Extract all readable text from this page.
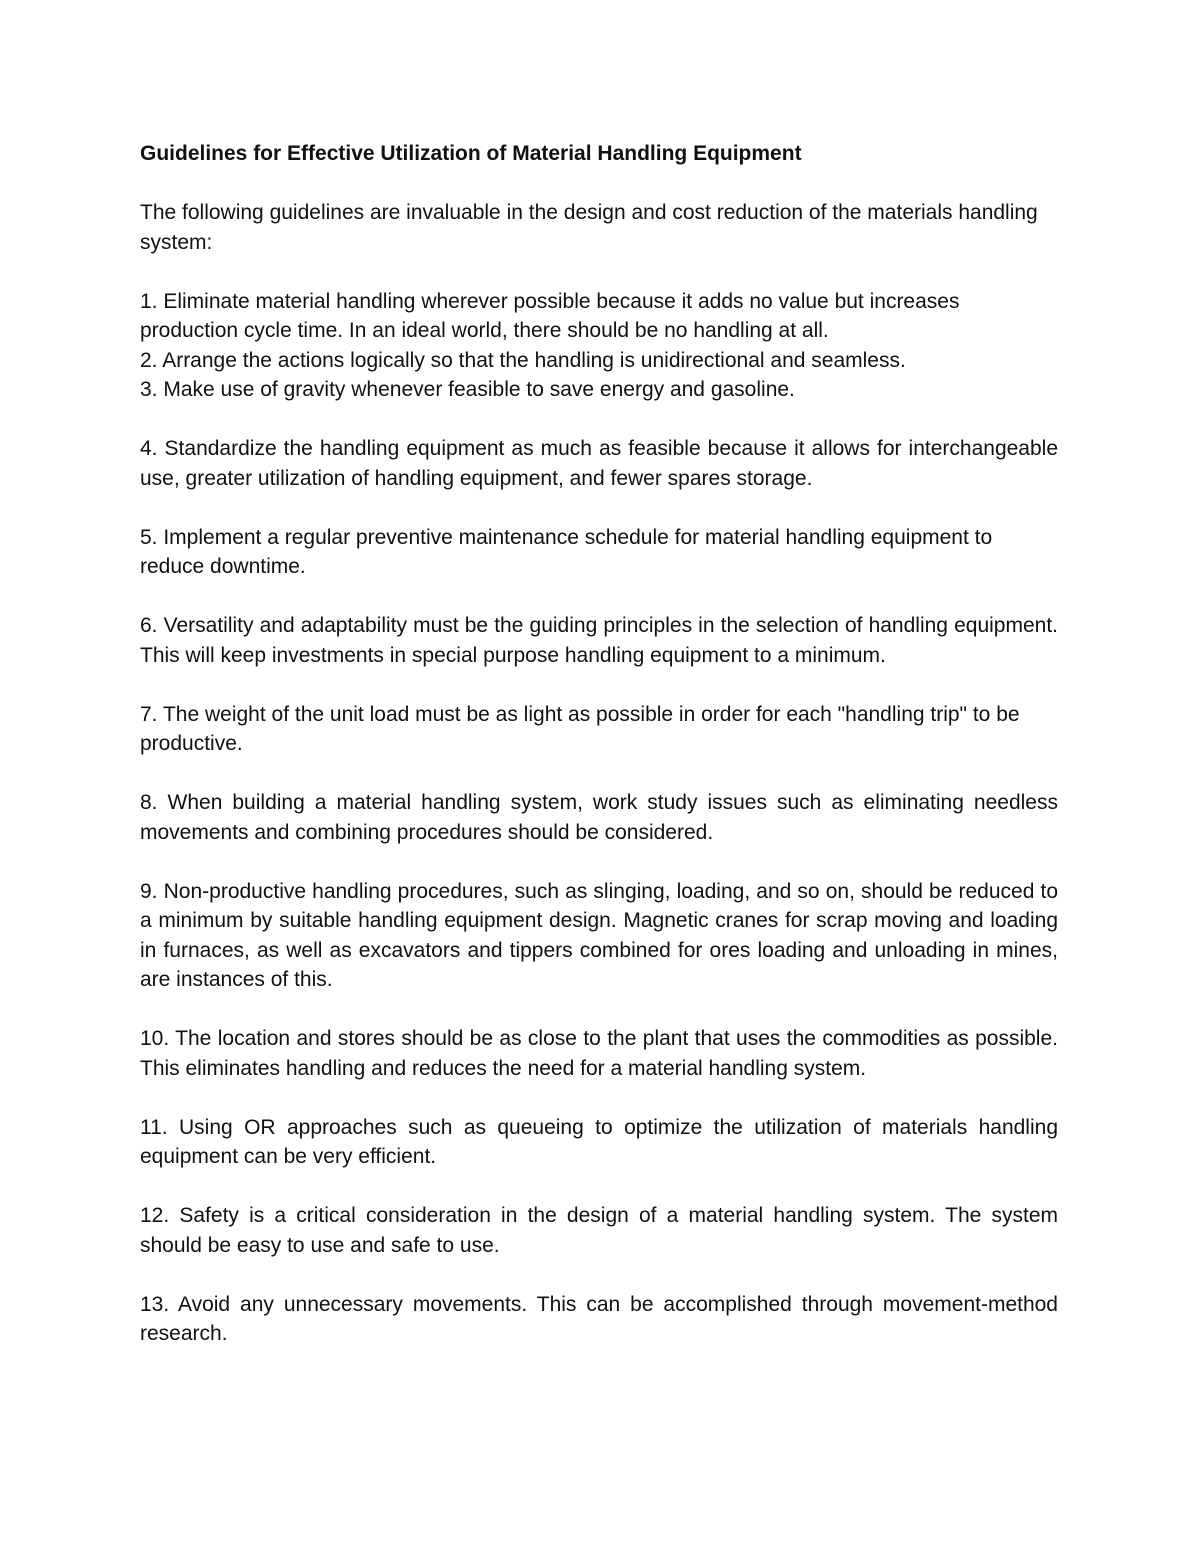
Guidelines for Effective Utilization of Material Handling Equipment
The following guidelines are invaluable in the design and cost reduction of the materials handling system:
1. Eliminate material handling wherever possible because it adds no value but increases production cycle time. In an ideal world, there should be no handling at all.
2. Arrange the actions logically so that the handling is unidirectional and seamless.
3. Make use of gravity whenever feasible to save energy and gasoline.
4. Standardize the handling equipment as much as feasible because it allows for interchangeable use, greater utilization of handling equipment, and fewer spares storage.
5. Implement a regular preventive maintenance schedule for material handling equipment to reduce downtime.
6. Versatility and adaptability must be the guiding principles in the selection of handling equipment. This will keep investments in special purpose handling equipment to a minimum.
7. The weight of the unit load must be as light as possible in order for each "handling trip" to be productive.
8. When building a material handling system, work study issues such as eliminating needless movements and combining procedures should be considered.
9. Non-productive handling procedures, such as slinging, loading, and so on, should be reduced to a minimum by suitable handling equipment design. Magnetic cranes for scrap moving and loading in furnaces, as well as excavators and tippers combined for ores loading and unloading in mines, are instances of this.
10. The location and stores should be as close to the plant that uses the commodities as possible. This eliminates handling and reduces the need for a material handling system.
11. Using OR approaches such as queueing to optimize the utilization of materials handling equipment can be very efficient.
12. Safety is a critical consideration in the design of a material handling system. The system should be easy to use and safe to use.
13. Avoid any unnecessary movements. This can be accomplished through movement-method research.
